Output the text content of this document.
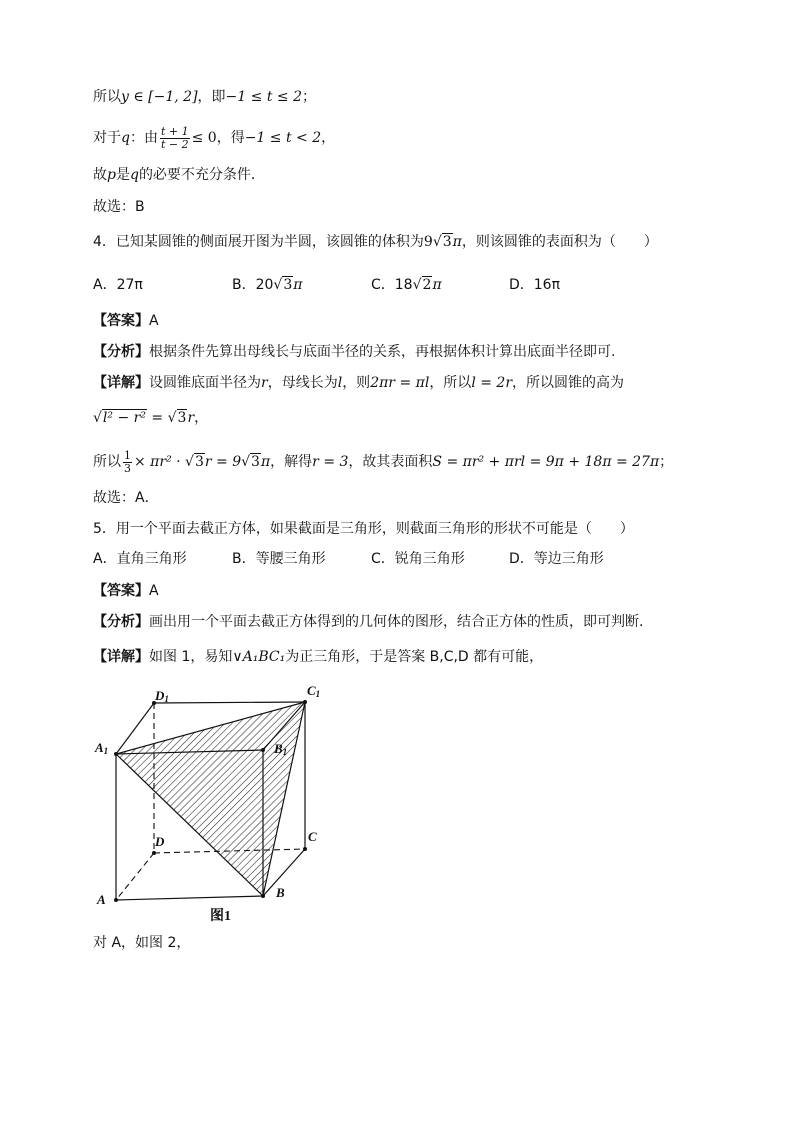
所以y ∈ [−1, 2]，即−1 ≤ t ≤ 2；
对于q：由 $\frac{t + 1}{t - 2} \le 0$，得−1 ≤ t < 2，
故p是q的必要不充分条件．
故选：B
4．已知某圆锥的侧面展开图为半圆，该圆锥的体积为9√3π，则该圆锥的表面积为（　　）
A．27π	B．20√3π	C．18√2π	D．16π
【答案】A
【分析】根据条件先算出母线长与底面半径的关系，再根据体积计算出底面半径即可.
【详解】设圆锥底面半径为r，母线长为l，则2πr = πl，所以l = 2r，所以圆锥的高为
√l² − r² = √3r，
所以 $\frac{1}{3} \times \pi r^2 \cdot √3r = 9√3\pi$，解得r = 3，故其表面积S = πr² + πrl = 9π + 18π = 27π；
故选：A．
5．用一个平面去截正方体，如果截面是三角形，则截面三角形的形状不可能是（　　）
A．直角三角形	B．等腰三角形	C．锐角三角形	D．等边三角形
【答案】A
【分析】画出用一个平面去截正方体得到的几何体的图形，结合正方体的性质，即可判断.
【详解】如图 1，易知∨A₁BC₁为正三角形，于是答案 B,C,D 都有可能，
A1
D1
C1
B1
D	C
A	B
图1
对 A，如图 2，
